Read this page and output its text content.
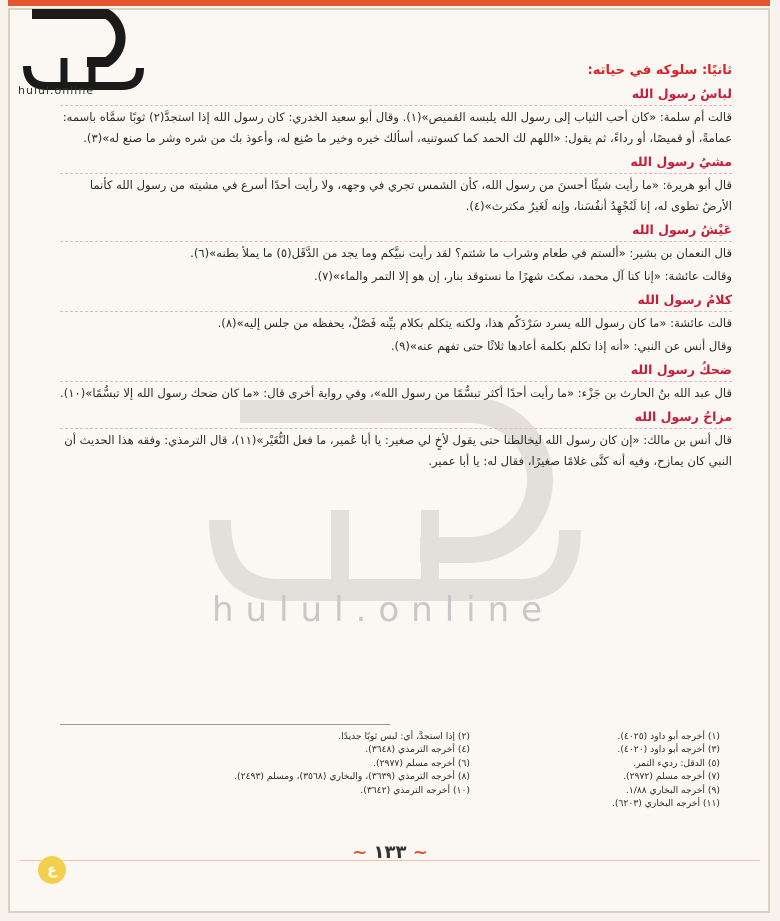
hulul.online
hulul.online

ثانيًا: سلوكه في حياته:

لباسُ رسول الله

قالت أم سلمة: «كان أحب الثياب إلى رسول الله يلبسه القميص»(١). وقال أبو سعيد الخدري: كان رسول الله إذا استجدَّ(٢) ثوبًا سمَّاه باسمه: عمامةً، أو قميصًا، أو رداءً، ثم يقول: «اللهم لك الحمد كما كسوتنيه، أسألك خيره وخير ما صُنِع له، وأعوذ بك من شره وشر ما صنع له»(٣).

مشيُ رسول الله

قال أبو هريرة: «ما رأيت شيئًا أحسنَ من رسول الله، كأن الشمس تجري في وجهه، ولا رأيت أحدًا أسرع في مشيته من رسول الله كأنما الأرضُ تطوى له، إنا لَنُجْهِدُ أنفُسَنا، وإنه لَغَيرُ مكترث»(٤).

عَيْشُ رسول الله

قال النعمان بن بشير: «ألستم في طعام وشراب ما شئتم؟ لقد رأيت نبيَّكم وما يجد من الدَّقَل(٥) ما يملأ بطنه»(٦).

وقالت عائشة: «إنا كنا آل محمد، نمكث شهرًا ما نستوقد بنار، إن هو إلا التمر والماء»(٧).

كلامُ رسول الله

قالت عائشة: «ما كان رسول الله يسرد سَرْدَكُم هذا، ولكنه يتكلم بكلام بيِّنه فَصْلٌ، يحفظه من جلس إليه»(٨).

وقال أنس عن النبي: «أنه إذا تكلم بكلمة أعادها ثلاثًا حتى تفهم عنه»(٩).

ضحكُ رسول الله

قال عبد الله بنُ الحارث بن جَزْء: «ما رأيت أحدًا أكثر تبسُّمًا من رسول الله»، وفي رواية أخرى قال: «ما كان ضحك رسول الله إلا تبسُّمًا»(١٠).

مزاحُ رسول الله

قال أنس بن مالك: «إن كان رسول الله ليخالطنا حتى يقول لأخٍ لي صغير: يا أبا عُمير، ما فعل النُّغَيْر»(١١)، قال الترمذي: وفقه هذا الحديث أن النبي كان يمازح، وفيه أنه كنَّى غلامًا صغيرًا، فقال له: يا أبا عمير.

(١) أخرجه أبو داود (٤٠٢٥).
(٣) أخرجه أبو داود (٤٠٢٠).
(٥) الدقل: رديء التمر.
(٧) أخرجه مسلم (٢٩٧٢).
(٩) أخرجه البخاري ١/٨٨.
(١١) أخرجه البخاري (٦٢٠٣).
(٢) إذا استجدَّ، أي: لبس ثوبًا جديدًا.
(٤) أخرجه الترمذي (٣٦٤٨).
(٦) أخرجه مسلم (٢٩٧٧).
(٨) أخرجه الترمذي (٣٦٣٩)، والبخاري (٣٥٦٨)، ومسلم (٢٤٩٣).
(١٠) أخرجه الترمذي (٣٦٤٢).
ع
~ ١٣٣ ~
